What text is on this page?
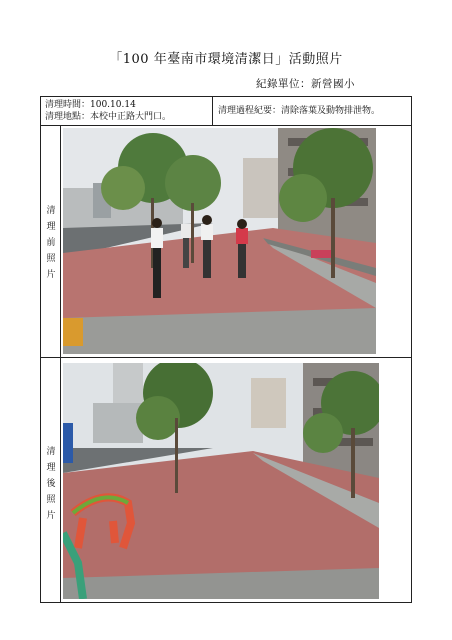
「100 年臺南市環境清潔日」活動照片
紀錄單位：新營國小
清理時間：100.10.14
清理地點：本校中正路大門口。
清理過程紀要：清除落葉及動物排泄物。
清
理
前
照
片
清
理
後
照
片
